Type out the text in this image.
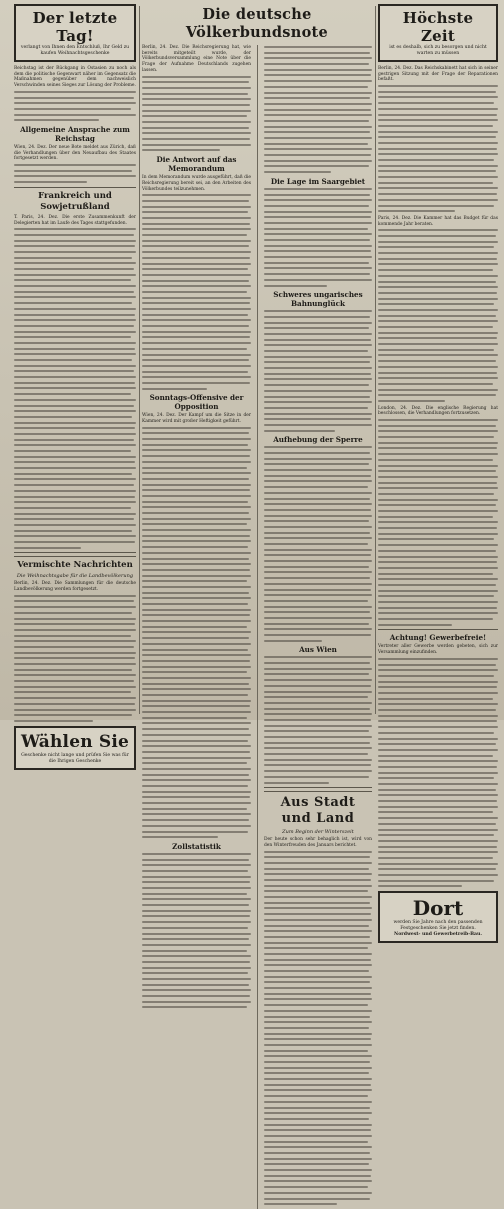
Der letzte Tag!
verlangt von Ihnen den Entschluß, Ihr Geld zu kaufen Weihnachtsgeschenke
Reichstag ist der Rückgang in Ostasien zu noch als dem die politische Gegenwart näher im Gegensatz die Maßnahmen gegenüber dem nachweislich Verschwinden seines Sieges zur Lösung der Probleme.
Allgemeine Ansprache zum Reichstag
Wien, 24. Dez. Der neue Bote meldet aus Zürich, daß die Verhandlungen über den Neuaufbau des Staates fortgesetzt werden.
Frankreich und Sowjetrußland
T. Paris, 24. Dez. Die erste Zusammenkunft der Delegierten hat im Laufe des Tages stattgefunden.
Vermischte Nachrichten
Die Weihnachtsgabe für die Landbevölkerung
Berlin, 24. Dez. Die Sammlungen für die deutsche Landbevölkerung werden fortgesetzt.
Wählen Sie
Geschenke nicht lange und prüfen Sie was für die Ihrigen Geschenke
Die deutsche Völkerbundsnote
Berlin, 24. Dez. Die Reichsregierung hat, wie bereits mitgeteilt wurde, der Völkerbundsversammlung eine Note über die Frage der Aufnahme Deutschlands zugehen lassen.
Die Antwort auf das Memorandum
In dem Memorandum wurde ausgeführt, daß die Reichsregierung bereit sei, an den Arbeiten des Völkerbundes teilzunehmen.
Sonntags-Offensive der Opposition
Wien, 24. Dez. Der Kampf um die Sitze in der Kammer wird mit großer Heftigkeit geführt.
Zollstatistik
Die Lage im Saargebiet
Schweres ungarisches Bahnunglück
Aufhebung der Sperre
Aus Wien
Aus Stadt und Land
Zum Beginn der Winterszeit
Der heute schon sehr behaglich ist, wird von den Winterfreuden des Januars berichtet.
Höchste Zeit
ist es deshalb, sich zu besorgen und nicht warten zu müssen
Berlin, 24. Dez. Das Reichskabinett hat sich in seiner gestrigen Sitzung mit der Frage der Reparationen befaßt.
Paris, 24. Dez. Die Kammer hat das Budget für das kommende Jahr beraten.
London, 24. Dez. Die englische Regierung hat beschlossen, die Verhandlungen fortzusetzen.
Achtung! Gewerbefreie!
Vertreter aller Gewerbe werden gebeten, sich zur Versammlung einzufinden.
Dort
werden Sie Jahre nach den passenden Festgeschenken Sie jetzt finden.
Nordwest- und Gewerbetreib-Bau.
